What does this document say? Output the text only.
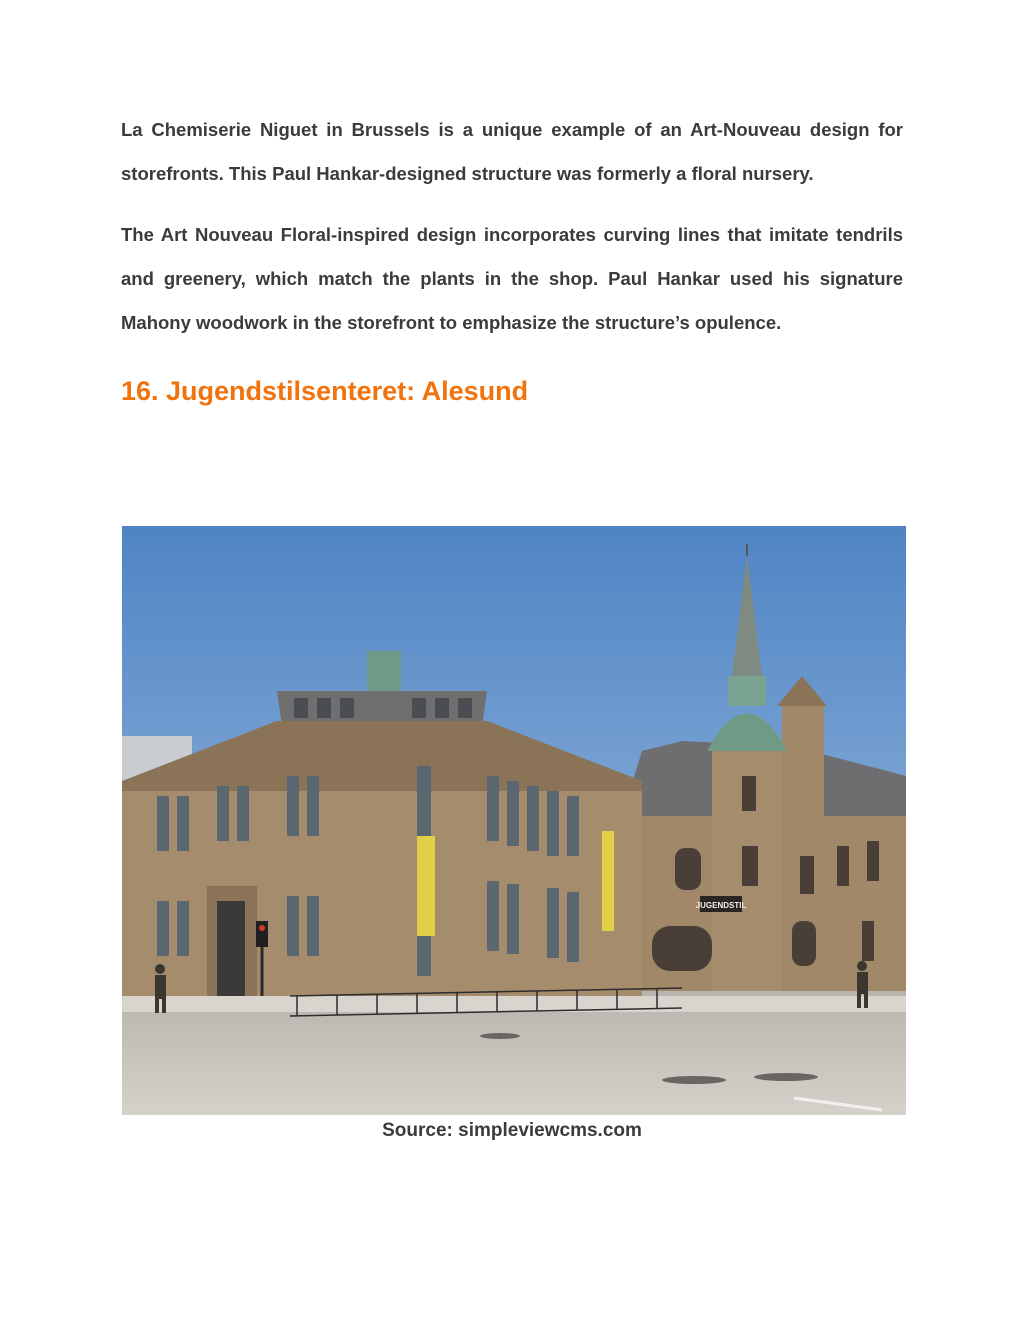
La Chemiserie Niguet in Brussels is a unique example of an Art-Nouveau design for storefronts. This Paul Hankar-designed structure was formerly a floral nursery.

The Art Nouveau Floral-inspired design incorporates curving lines that imitate tendrils and greenery, which match the plants in the shop. Paul Hankar used his signature Mahony woodwork in the storefront to emphasize the structure’s opulence.

16. Jugendstilsenteret: Alesund
JUGENDSTIL
Source: simpleviewcms.com
